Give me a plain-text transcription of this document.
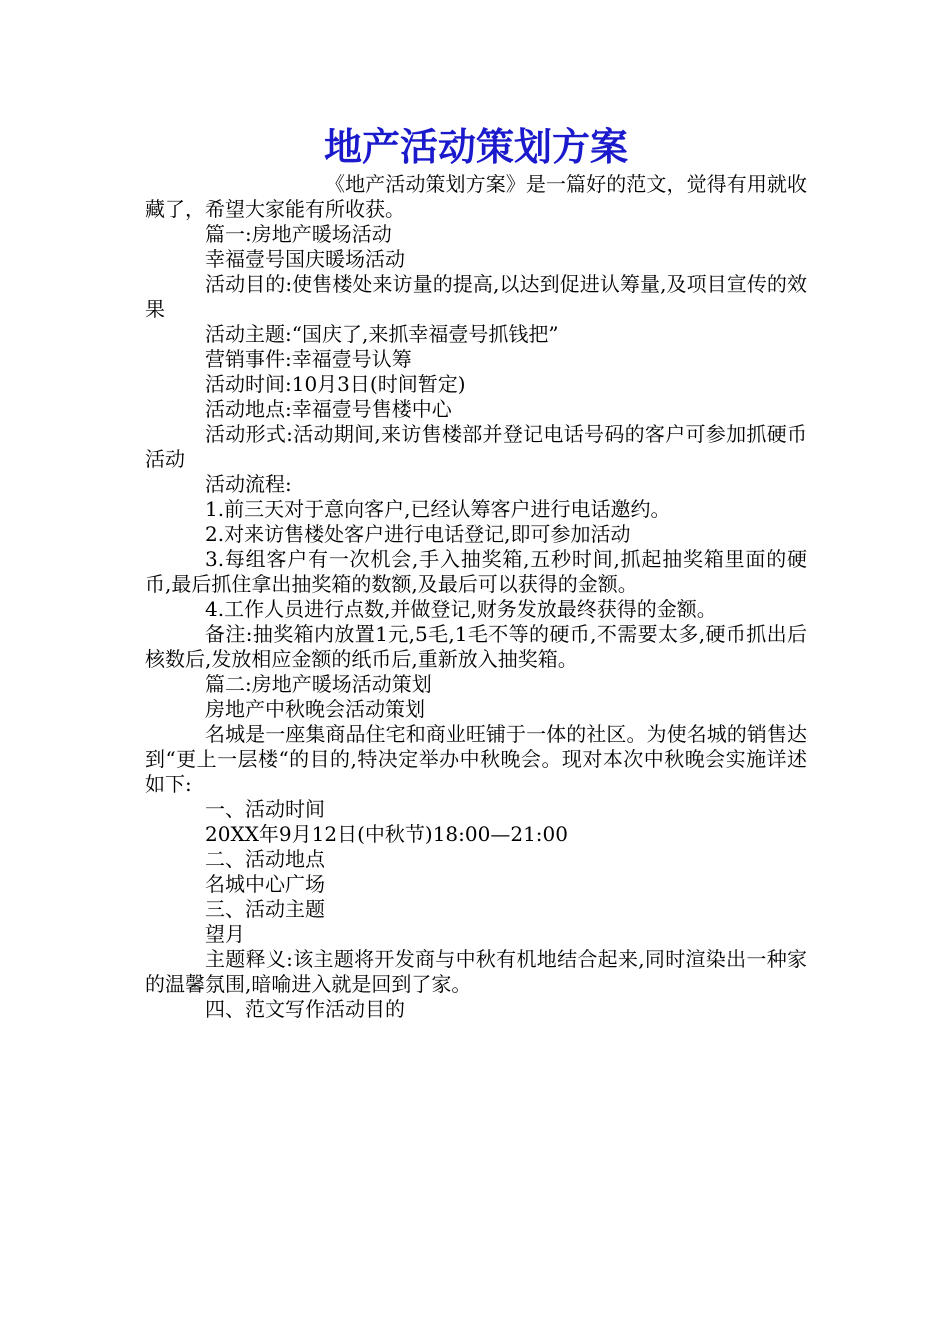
地产活动策划方案

《地产活动策划方案》是一篇好的范文，觉得有用就收藏了，希望大家能有所收获。

篇一:房地产暖场活动

幸福壹号国庆暖场活动

活动目的:使售楼处来访量的提高,以达到促进认筹量,及项目宣传的效果

活动主题:“国庆了,来抓幸福壹号抓钱把”

营销事件:幸福壹号认筹

活动时间:10月3日(时间暂定)

活动地点:幸福壹号售楼中心

活动形式:活动期间,来访售楼部并登记电话号码的客户可参加抓硬币活动

活动流程:

1.前三天对于意向客户,已经认筹客户进行电话邀约。

2.对来访售楼处客户进行电话登记,即可参加活动

3.每组客户有一次机会,手入抽奖箱,五秒时间,抓起抽奖箱里面的硬币,最后抓住拿出抽奖箱的数额,及最后可以获得的金额。

4.工作人员进行点数,并做登记,财务发放最终获得的金额。

备注:抽奖箱内放置1元,5毛,1毛不等的硬币,不需要太多,硬币抓出后核数后,发放相应金额的纸币后,重新放入抽奖箱。

篇二:房地产暖场活动策划

房地产中秋晚会活动策划

名城是一座集商品住宅和商业旺铺于一体的社区。为使名城的销售达到“更上一层楼“的目的,特决定举办中秋晚会。现对本次中秋晚会实施详述如下:

一、活动时间

20XX年9月12日(中秋节)18:00—21:00

二、活动地点

名城中心广场

三、活动主题

望月

主题释义:该主题将开发商与中秋有机地结合起来,同时渲染出一种家的温馨氛围,暗喻进入就是回到了家。

四、范文写作活动目的
